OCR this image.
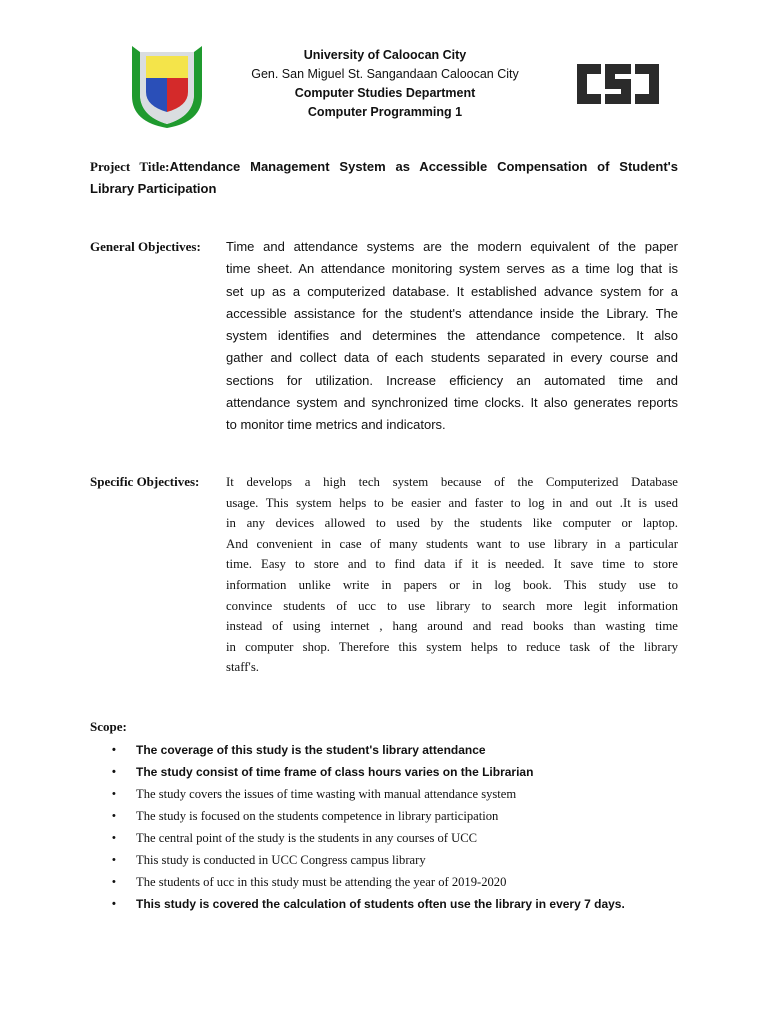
University of Caloocan City
Gen. San Miguel St. Sangandaan Caloocan City
Computer Studies Department
Computer Programming 1
Project Title:Attendance Management System as Accessible Compensation of Student's
Library Participation
General Objectives: Time and attendance systems are the modern equivalent of the paper
time sheet. An attendance monitoring system serves as a time log that is
set up as a computerized database. It established advance system for a
accessible assistance for the student's attendance inside the Library. The
system identifies and determines the attendance competence. It also
gather and collect data of each students separated in every course and
sections for utilization. Increase efficiency an automated time and
attendance system and synchronized time clocks. It also generates reports
to monitor time metrics and indicators.
Specific Objectives: It develops a high tech system because of the Computerized Database
usage. This system helps to be easier and faster to log in and out .It is used
in any devices allowed to used by the students like computer or laptop.
And convenient in case of many students want to use library in a particular
time. Easy to store and to find data if it is needed. It save time to store
information unlike write in papers or in log book. This study use to
convince students of ucc to use library to search more legit information
instead of using internet , hang around and read books than wasting time
in computer shop. Therefore this system helps to reduce task of the library
staff's.
Scope:
•	The coverage of this study is the student's library attendance
•	The study consist of time frame of class hours varies on the Librarian
•	The study covers the issues of time wasting with manual attendance system
•	The study is focused on the students competence in library participation
•	The central point of the study is the students in any courses of UCC
•	This study is conducted in UCC Congress campus library
•	The students of ucc in this study must be attending the year of 2019-2020
•	This study is covered the calculation of students often use the library in every 7 days.
